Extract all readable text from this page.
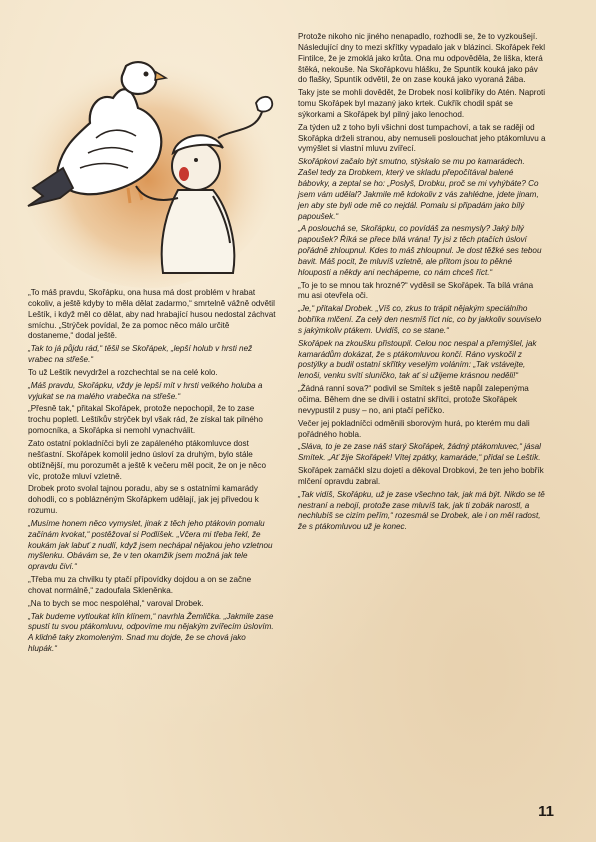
„To máš pravdu, Skořápku, ona husa má dost problém v hrabat cokoliv, a ještě kdyby to měla dělat zadarmo,“ smrtelně vážně odvětil Leštík, i když měl co dělat, aby nad hrabající husou nedostal záchvat smíchu. „Strýček povídal, že za pomoc něco málo určitě dostaneme,“ dodal ještě.

„Tak to já půjdu rád,“ těšil se Skořápek, „lepší holub v hrsti než vrabec na střeše.“

To už Leštík nevydržel a rozchechtal se na celé kolo.

„Máš pravdu, Skořápku, vždy je lepší mít v hrsti velkého holuba a vyjukat se na malého vrabečka na střeše.“

„Přesně tak,“ přitakal Skořápek, protože nepochopil, že to zase trochu popletl. Leštíkův strýček byl však rád, že získal tak pilného pomocníka, a Skořápka si nemohl vynachválit.

Zato ostatní pokladníčci byli ze zapáleného ptákomluvce dost nešťastní. Skořápek komolil jedno úsloví za druhým, bylo stále obtížnější, mu porozumět a ještě k večeru měl pocit, že on je něco víc, protože mluví vzletně.

Drobek proto svolal tajnou poradu, aby se s ostatními kamarády dohodli, co s pobláznéným Skořápkem udělají, jak jej přivedou k rozumu.

„Musíme honem něco vymyslet, jinak z těch jeho ptákovin pomalu začínám kvokat,“ postěžoval si Podlíšek. „Včera mi třeba řekl, že koukám jak labuť z nudlí, když jsem nechápal nějakou jeho vzletnou myšlenku. Obávám se, že v ten okamžik jsem možná jak tele opravdu čiví.“

„Třeba mu za chvilku ty ptačí přípovídky dojdou a on se začne chovat normálně,“ zadoufala Skleněnka.

„Na to bych se moc nespoléhal,“ varoval Drobek.

„Tak budeme vytloukat klín klínem,“ navrhla Žemlička. „Jakmile zase spustí tu svou ptákomluvu, odpovíme mu nějakým zvířecím úslovím. A klidně taky zkomoleným. Snad mu dojde, že se chová jako hlupák.“

Protože nikoho nic jiného nenapadlo, rozhodli se, že to vyzkoušejí. Následující dny to mezi skřítky vypadalo jak v blázinci. Skořápek řekl Fintilce, že je zmoklá jako krůta. Ona mu odpověděla, že liška, která štěká, nekouše. Na Skořápkovu hlášku, že Spuntík kouká jako páv do flašky, Spuntík odvětil, že on zase kouká jako vyoraná žába.

Taky jste se mohli dovědět, že Drobek nosí kolibříky do Atén. Naproti tomu Skořápek byl mazaný jako krtek. Cukřík chodil spát se sýkorkami a Skořápek byl pilný jako lenochod.

Za týden už z toho byli všichni dost tumpachoví, a tak se raději od Skořápka drželi stranou, aby nemuseli poslouchat jeho ptákomluvu a vymýšlet si vlastní mluvu zvířecí.

Skořápkovi začalo být smutno, stýskalo se mu po kamarádech. Zašel tedy za Drobkem, který ve skladu přepočítával balené bábovky, a zeptal se ho: „Poslyš, Drobku, proč se mi vyhýbáte? Co jsem vám udělal? Jakmile mě kdokoliv z vás zahlédne, jdete jinam, jen aby ste byli ode mě co nejdál. Pomalu si připadám jako bílý papoušek.“

„A poslouchá se, Skořápku, co povídáš za nesmysly? Jaký bílý papoušek? Říká se přece bílá vrána! Ty jsi z těch ptačích úsloví pořádně zhloupnul. Kdes to máš zhloupnul. Je dost těžké ses tebou bavit. Máš pocit, že mluvíš vzletně, ale přitom jsou to pěkné hlouposti a někdy ani nechápeme, co nám chceš říct.“

„To je to se mnou tak hrozné?“ vyděsil se Skořápek. Ta bílá vrána mu asi otevřela oči.

„Je,“ přitakal Drobek. „Víš co, zkus to trápit nějakým speciálního bobříka mlčení. Za celý den nesmíš říct nic, co by jakkoliv souviselo s jakýmkoliv ptákem. Uvidíš, co se stane.“

Skořápek na zkoušku přistoupil. Celou noc nespal a přemýšlel, jak kamarádům dokázat, že s ptákomluvou končí. Ráno vyskočil z postýlky a budil ostatní skřítky veselým voláním: „Tak vstávejte, lenoši, venku svítí sluníčko, tak ať si užijeme krásnou neděli!“

„Žádná ranní sova?“ podivil se Smítek s ještě napůl zalepenýma očima. Během dne se divili i ostatní skřítci, protože Skořápek nevypustil z pusy – no, ani ptačí peříčko.

Večer jej pokladníčci odměnili sborovým hurá, po kterém mu dali pořádného hobla.

„Sláva, to je ze zase náš starý Skořápek, žádný ptákomluvec,“ jásal Smítek. „Ať žije Skořápek! Vítej zpátky, kamaráde,“ přidal se Leštík.

Skořápek zamáčkl slzu dojetí a děkoval Drobkovi, že ten jeho bobřík mlčení opravdu zabral.

„Tak vidíš, Skořápku, už je zase všechno tak, jak má být. Nikdo se tě nestraní a nebojí, protože zase mluvíš tak, jak ti zobák narostl, a nechlubíš se cizím peřím,“ rozesmál se Drobek, ale i on měl radost, že s ptákomluvou už je konec.

11
